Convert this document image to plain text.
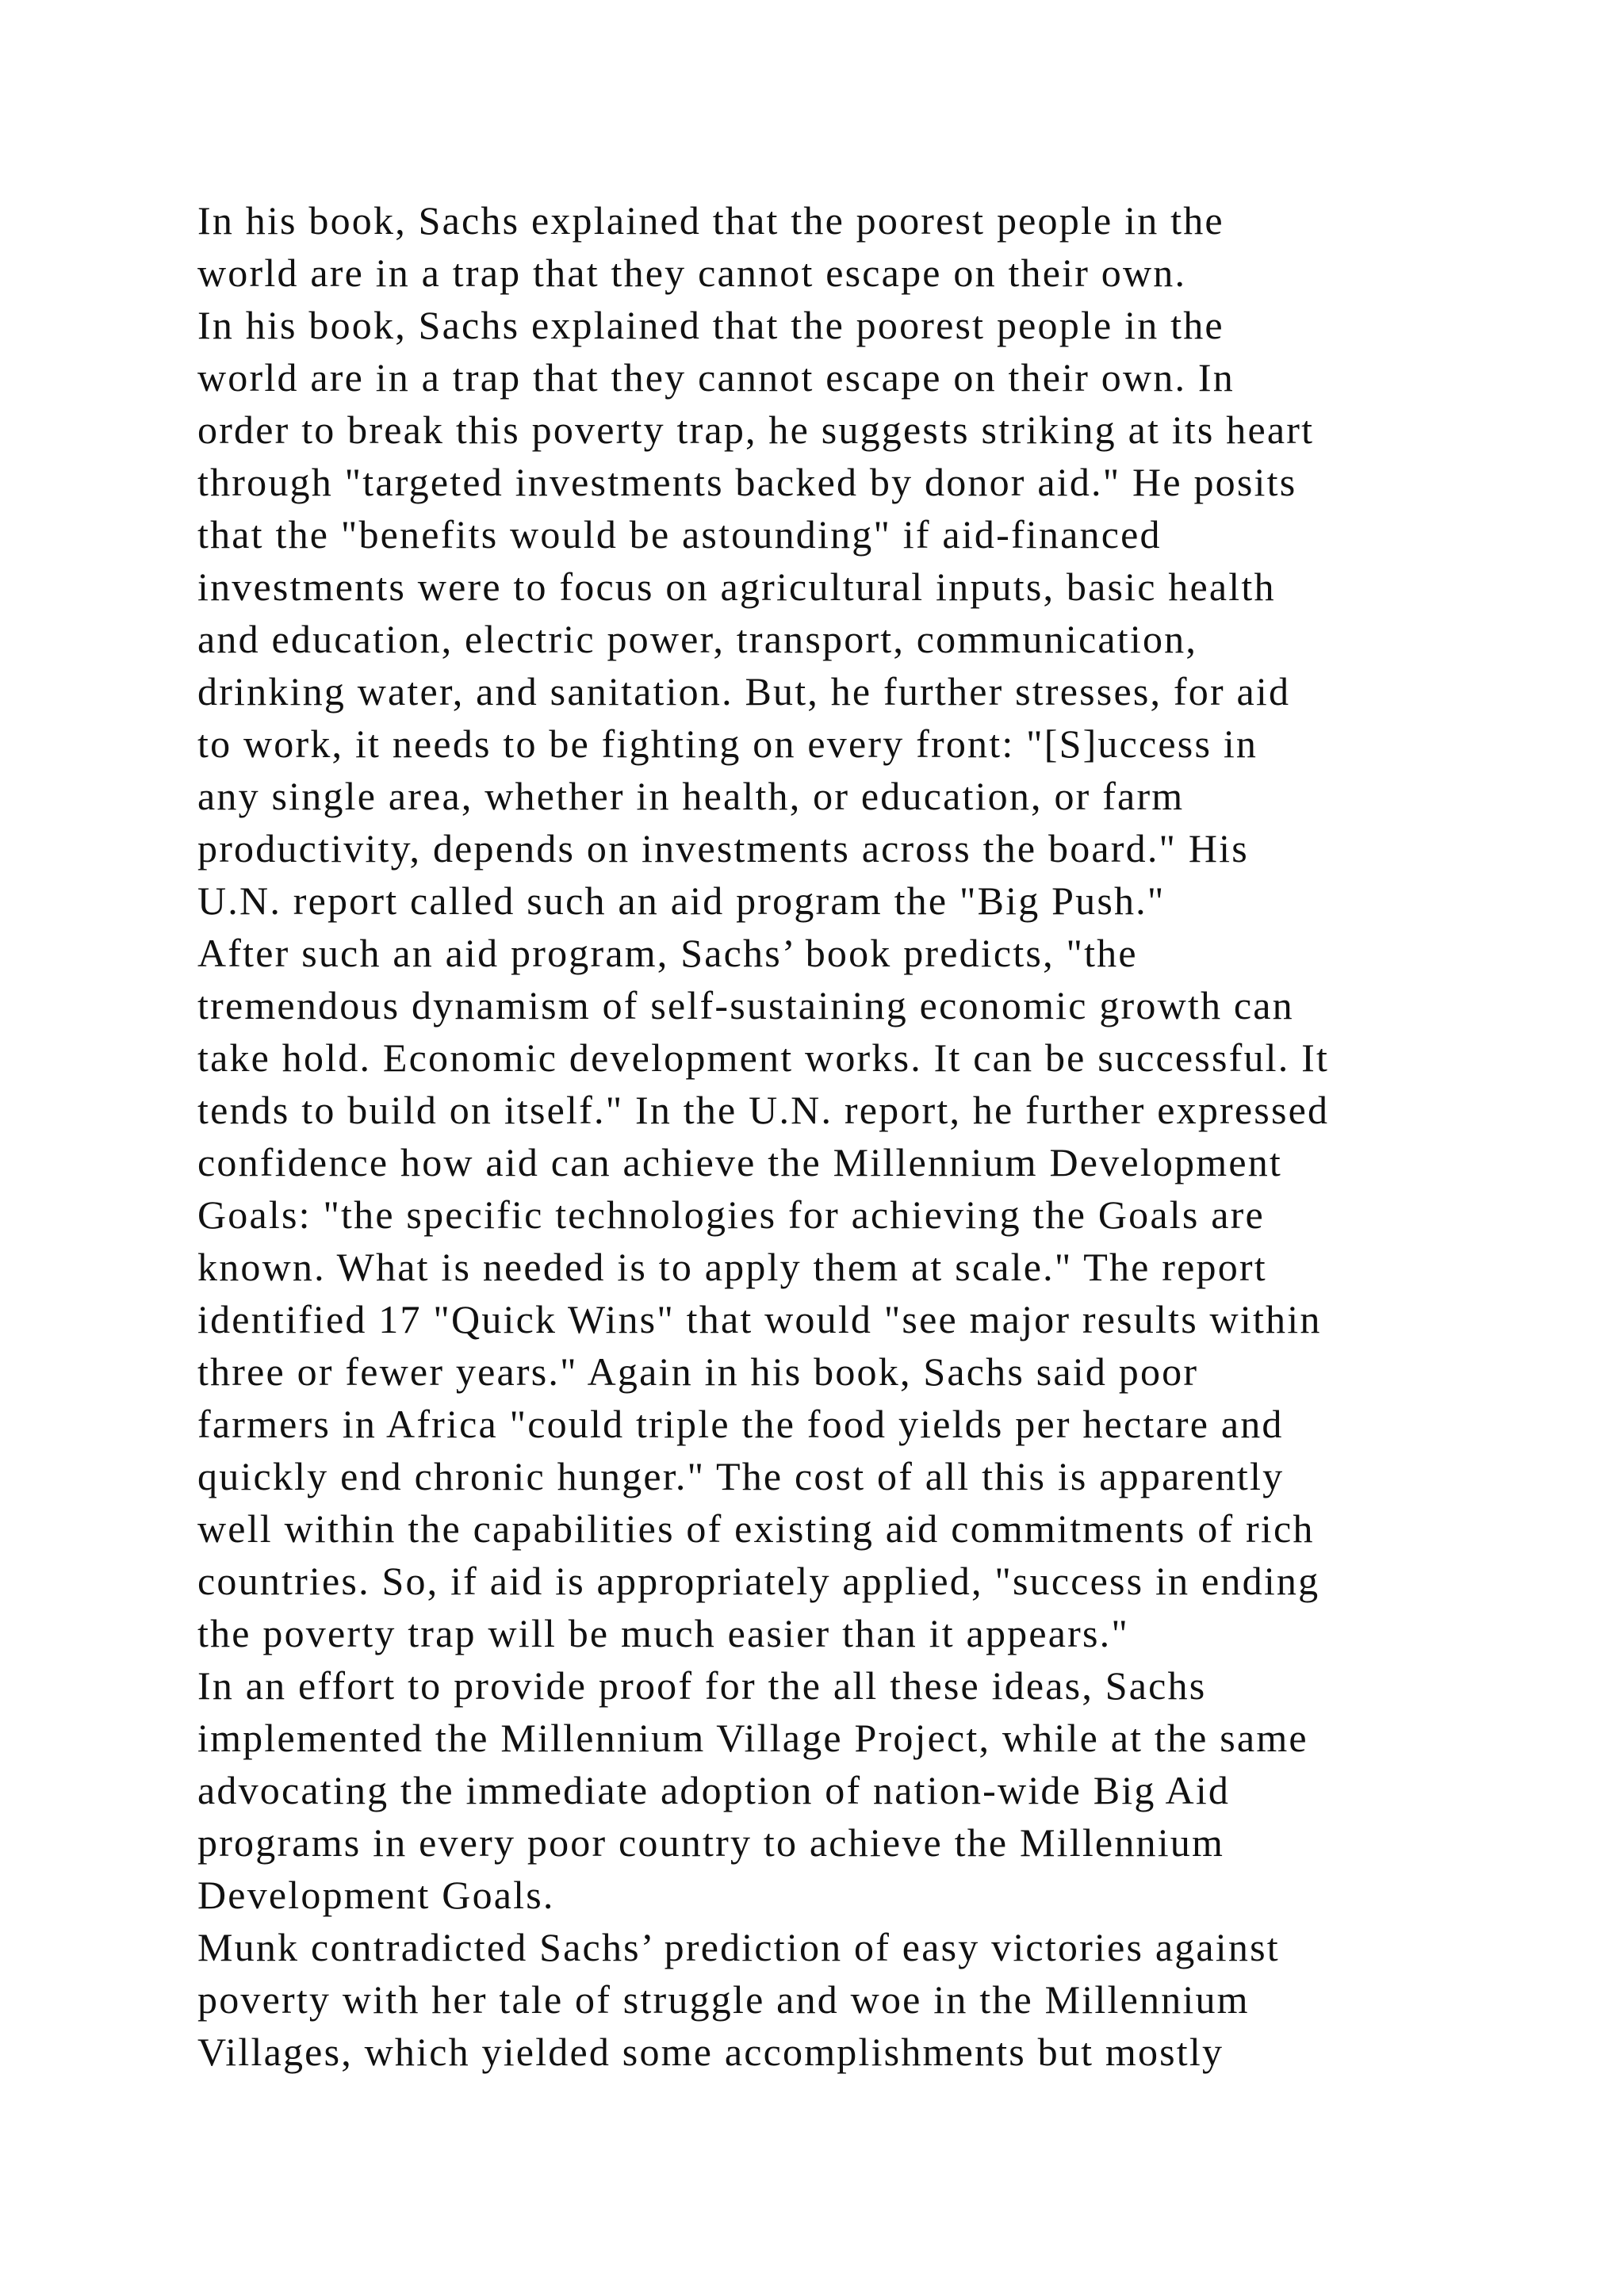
In his book, Sachs explained that the poorest people in the
world are in a trap that they cannot escape on their own.
In his book, Sachs explained that the poorest people in the
world are in a trap that they cannot escape on their own. In
order to break this poverty trap, he suggests striking at its heart
through "targeted investments backed by donor aid." He posits
that the "benefits would be astounding" if aid-financed
investments were to focus on agricultural inputs, basic health
and education, electric power, transport, communication,
drinking water, and sanitation. But, he further stresses, for aid
to work, it needs to be fighting on every front: "[S]uccess in
any single area, whether in health, or education, or farm
productivity, depends on investments across the board." His
U.N. report called such an aid program the "Big Push."
After such an aid program, Sachs’ book predicts, "the
tremendous dynamism of self-sustaining economic growth can
take hold. Economic development works. It can be successful. It
tends to build on itself." In the U.N. report, he further expressed
confidence how aid can achieve the Millennium Development
Goals: "the specific technologies for achieving the Goals are
known. What is needed is to apply them at scale." The report
identified 17 "Quick Wins" that would "see major results within
three or fewer years." Again in his book, Sachs said poor
farmers in Africa "could triple the food yields per hectare and
quickly end chronic hunger." The cost of all this is apparently
well within the capabilities of existing aid commitments of rich
countries. So, if aid is appropriately applied, "success in ending
the poverty trap will be much easier than it appears."
In an effort to provide proof for the all these ideas, Sachs
implemented the Millennium Village Project, while at the same
advocating the immediate adoption of nation-wide Big Aid
programs in every poor country to achieve the Millennium
Development Goals.
Munk contradicted Sachs’ prediction of easy victories against
poverty with her tale of struggle and woe in the Millennium
Villages, which yielded some accomplishments but mostly
